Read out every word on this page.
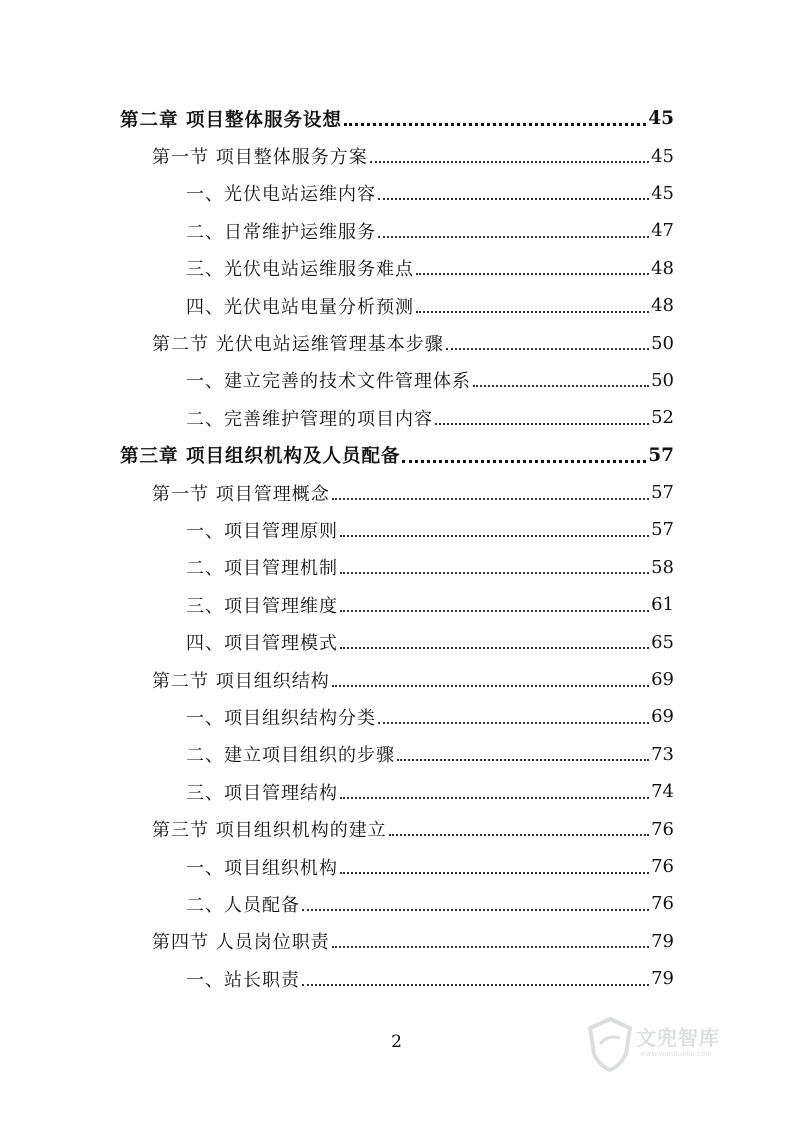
第二章 项目整体服务设想	45
第一节 项目整体服务方案	45
一、光伏电站运维内容	45
二、日常维护运维服务	47
三、光伏电站运维服务难点	48
四、光伏电站电量分析预测	48
第二节 光伏电站运维管理基本步骤	50
一、建立完善的技术文件管理体系	50
二、完善维护管理的项目内容	52
第三章 项目组织机构及人员配备	57
第一节 项目管理概念	57
一、项目管理原则	57
二、项目管理机制	58
三、项目管理维度	61
四、项目管理模式	65
第二节 项目组织结构	69
一、项目组织结构分类	69
二、建立项目组织的步骤	73
三、项目管理结构	74
第三节 项目组织机构的建立	76
一、项目组织机构	76
二、人员配备	76
第四节 人员岗位职责	79
一、站长职责	79
2	文兜智库
www.wenduoku.com
